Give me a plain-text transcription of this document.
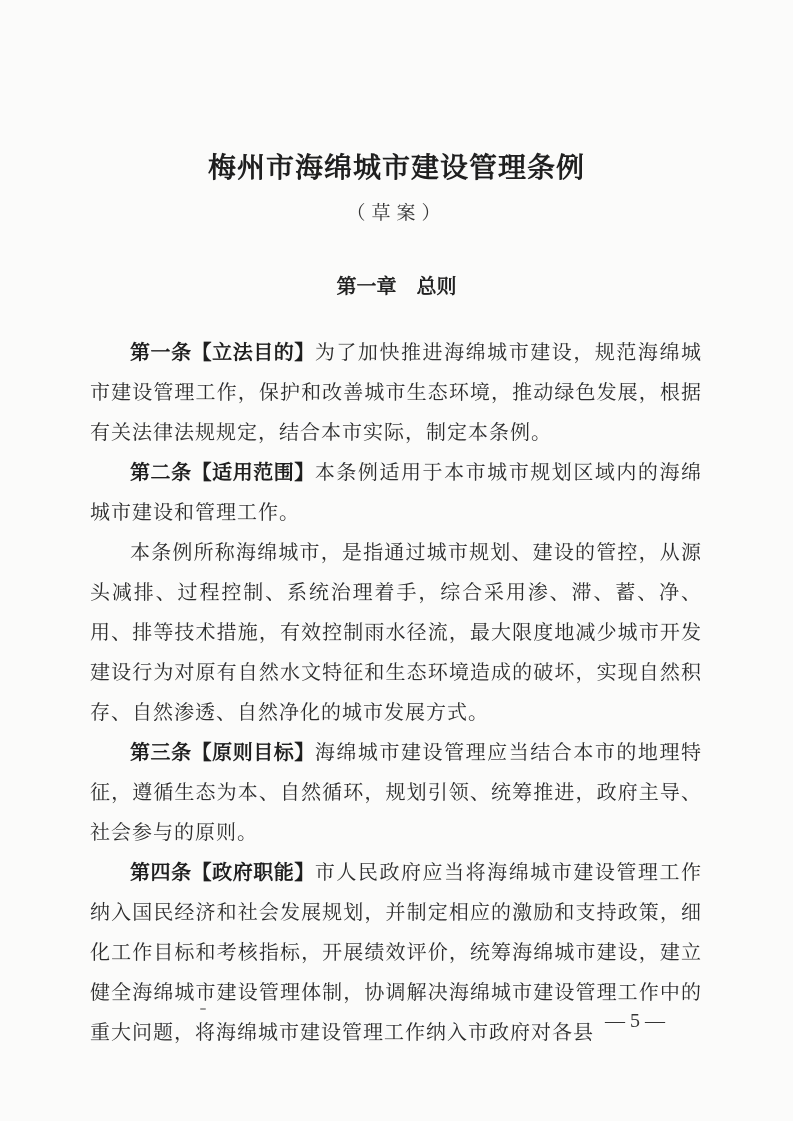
梅州市海绵城市建设管理条例
（草案）
第一章　总则

第一条【立法目的】为了加快推进海绵城市建设，规范海绵城市建设管理工作，保护和改善城市生态环境，推动绿色发展，根据有关法律法规规定，结合本市实际，制定本条例。

第二条【适用范围】本条例适用于本市城市规划区域内的海绵城市建设和管理工作。

本条例所称海绵城市，是指通过城市规划、建设的管控，从源头减排、过程控制、系统治理着手，综合采用渗、滞、蓄、净、用、排等技术措施，有效控制雨水径流，最大限度地减少城市开发建设行为对原有自然水文特征和生态环境造成的破坏，实现自然积存、自然渗透、自然净化的城市发展方式。

第三条【原则目标】海绵城市建设管理应当结合本市的地理特征，遵循生态为本、自然循环，规划引领、统筹推进，政府主导、社会参与的原则。

第四条【政府职能】市人民政府应当将海绵城市建设管理工作纳入国民经济和社会发展规划，并制定相应的激励和支持政策，细化工作目标和考核指标，开展绩效评价，统筹海绵城市建设，建立健全海绵城市建设管理体制，协调解决海绵城市建设管理工作中的重大问题，将海绵城市建设管理工作纳入市政府对各县 — 5 —
